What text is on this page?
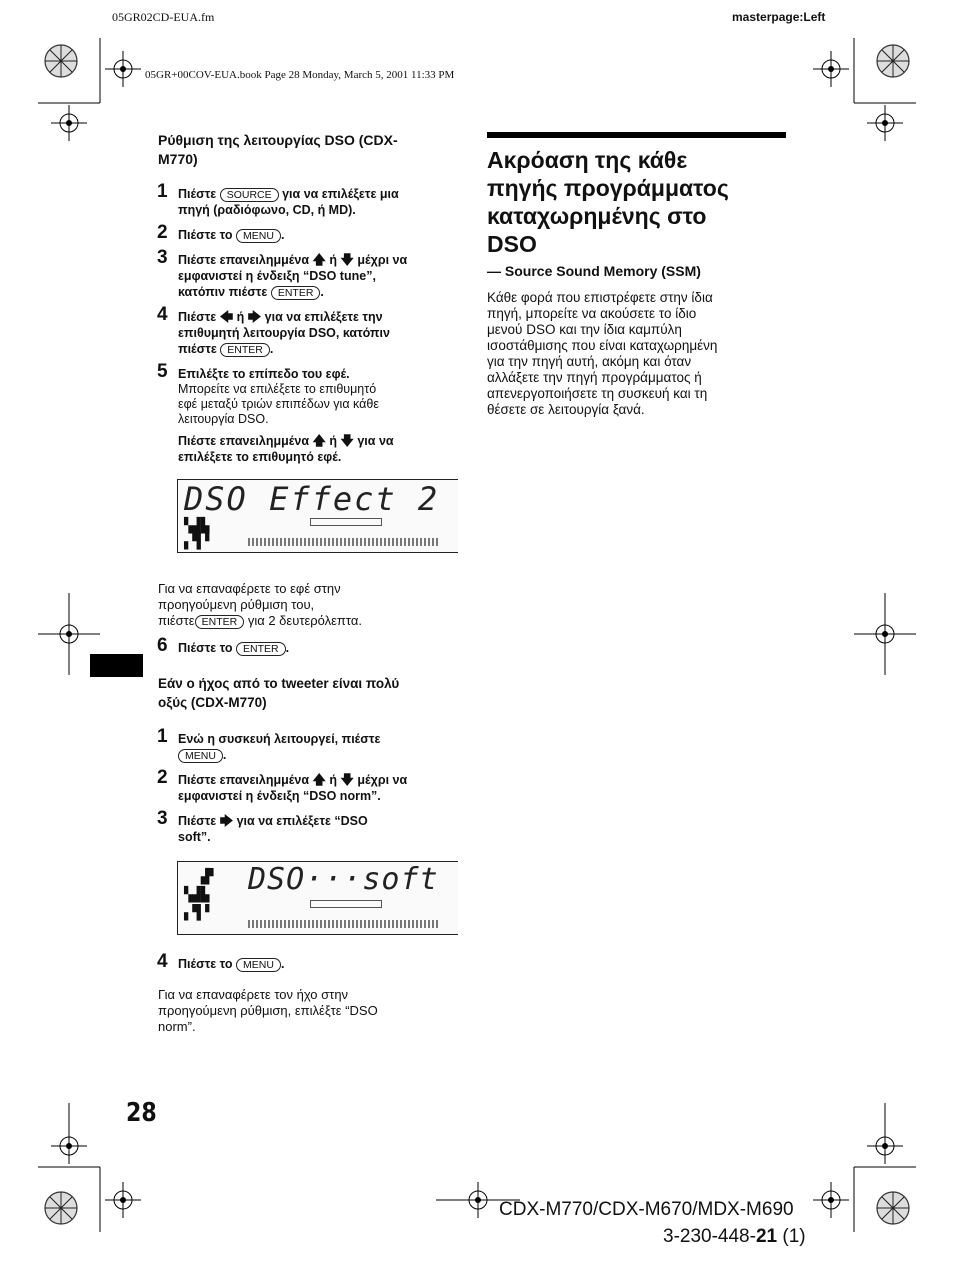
05GR02CD-EUA.fm	masterpage:Left
05GR+00COV-EUA.book Page 28 Monday, March 5, 2001 11:33 PM
Ρύθμιση της λειτουργίας DSO (CDX-
M770)
1 Πιέστε SOURCE για να επιλέξετε μια
πηγή (ραδιόφωνο, CD, ή MD).
2 Πιέστε το MENU .
3 Πιέστε επανειλημμένα 🡅 ή 🡇 μέχρι να
εμφανιστεί η ένδειξη “DSO tune”,
κατόπιν πιέστε ENTER .
4 Πιέστε 🡄 ή 🡆 για να επιλέξετε την
επιθυμητή λειτουργία DSO, κατόπιν
πιέστε ENTER .
5 Επιλέξτε το επίπεδο του εφέ.
Μπορείτε να επιλέξετε το επιθυμητό
εφέ μεταξύ τριών επιπέδων για κάθε
λειτουργία DSO.
Πιέστε επανειλημμένα 🡅 ή 🡇 για να
επιλέξετε το επιθυμητό εφέ.
DSO Effect 2
▚▟▙
▖▜▝
Για να επαναφέρετε το εφέ στην
προηγούμενη ρύθμιση του,
πιέστε ENTER για 2 δευτερόλεπτα.
6 Πιέστε το ENTER .
Εάν ο ήχος από το tweeter είναι πολύ
οξύς (CDX-M770)
1 Ενώ η συσκευή λειτουργεί, πιέστε
MENU .
2 Πιέστε επανειλημμένα 🡅 ή 🡇 μέχρι να
εμφανιστεί η ένδειξη “DSO norm”.
3 Πιέστε 🡆 για να επιλέξετε “DSO
soft”.
DSO···soft
▟▘
▚▟▙
▖▜▝
4 Πιέστε το MENU .
Για να επαναφέρετε τον ήχο στην
προηγούμενη ρύθμιση, επιλέξτε “DSO
norm”.
Ακρόαση της κάθε
πηγής προγράμματος
καταχωρημένης στο
DSO
— Source Sound Memory (SSM)
Κάθε φορά που επιστρέφετε στην ίδια
πηγή, μπορείτε να ακούσετε το ίδιο
μενού DSO και την ίδια καμπύλη
ισοστάθμισης που είναι καταχωρημένη
για την πηγή αυτή, ακόμη και όταν
αλλάξετε την πηγή προγράμματος ή
απενεργοποιήσετε τη συσκευή και τη
θέσετε σε λειτουργία ξανά.
28
CDX-M770/CDX-M670/MDX-M690
3-230-448-21 (1)
